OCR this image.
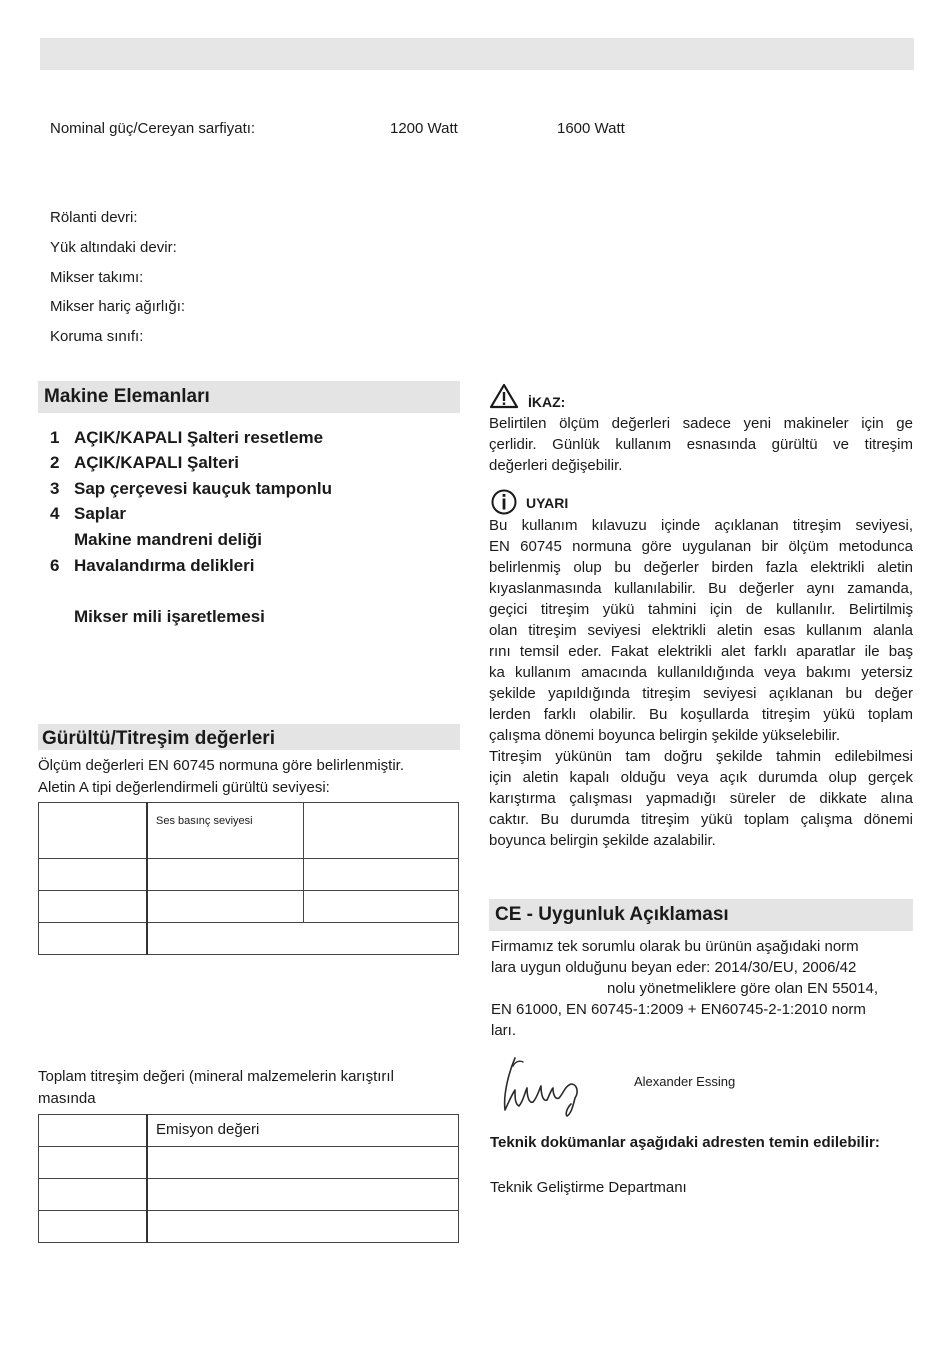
Nominal güç/Cereyan sarfiyatı:	1200 Watt	1600 Watt
Rölanti devri:
Yük altındaki devir:
Mikser takımı:
Mikser hariç ağırlığı:
Koruma sınıfı:
Makine Elemanları
1 AÇIK/KAPALI Şalteri resetleme
2 AÇIK/KAPALI Şalteri
3 Sap çerçevesi kauçuk tamponlu
4 Saplar
Makine mandreni deliği
6 Havalandırma delikleri
Mikser mili işaretlemesi
Gürültü/Titreşim değerleri
Ölçüm değerleri EN 60745 normuna göre belirlenmiştir.
Aletin A tipi değerlendirmeli gürültü seviyesi:
	Ses basınç seviyesi	

Toplam titreşim değeri (mineral malzemelerin karıştırıl
masında
	Emisyon değeri

İKAZ:
Belirtilen ölçüm değerleri sadece yeni makineler için ge
çerlidir. Günlük kullanım esnasında gürültü ve titreşim
değerleri değişebilir.
UYARI
Bu kullanım kılavuzu içinde açıklanan titreşim seviyesi,
EN 60745 normuna göre uygulanan bir ölçüm metodunca
belirlenmiş olup bu değerler birden fazla elektrikli aletin
kıyaslanmasında kullanılabilir. Bu değerler aynı zamanda,
geçici titreşim yükü tahmini için de kullanılır. Belirtilmiş
olan titreşim seviyesi elektrikli aletin esas kullanım alanla
rını temsil eder. Fakat elektrikli alet farklı aparatlar ile baş
ka kullanım amacında kullanıldığında veya bakımı yetersiz
şekilde yapıldığında titreşim seviyesi açıklanan bu değer
lerden farklı olabilir. Bu koşullarda titreşim yükü toplam
çalışma dönemi boyunca belirgin şekilde yükselebilir.
Titreşim yükünün tam doğru şekilde tahmin edilebilmesi
için aletin kapalı olduğu veya açık durumda olup gerçek
karıştırma çalışması yapmadığı süreler de dikkate alına
caktır. Bu durumda titreşim yükü toplam çalışma dönemi
boyunca belirgin şekilde azalabilir.
CE - Uygunluk Açıklaması
Firmamız tek sorumlu olarak bu ürünün aşağıdaki norm
lara uygun olduğunu beyan eder: 2014/30/EU, 2006/42
nolu yönetmeliklere göre olan EN 55014,
EN 61000, EN 60745-1:2009 + EN60745-2-1:2010 norm
ları.
Alexander Essing
Teknik dokümanlar aşağıdaki adresten temin edilebilir:
Teknik Geliştirme Departmanı
